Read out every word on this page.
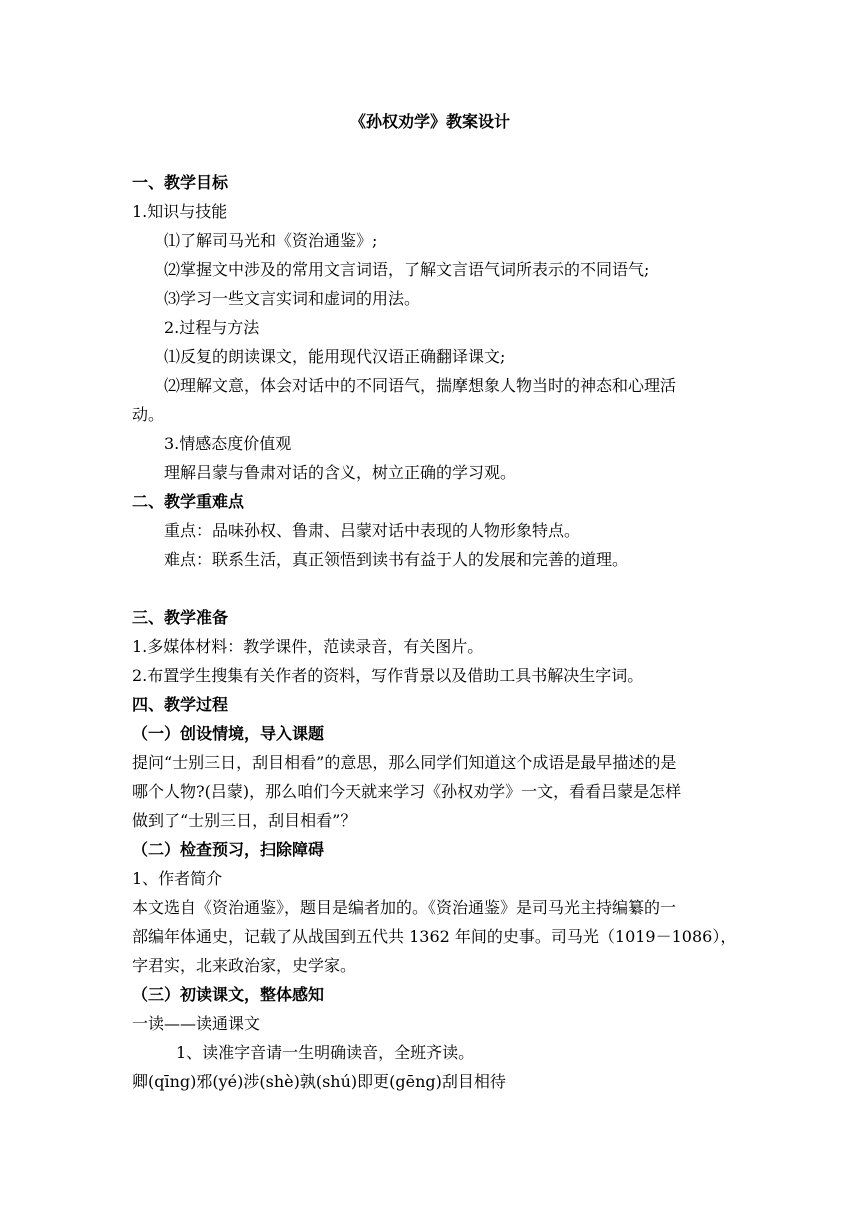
《孙权劝学》教案设计
一、教学目标
1.知识与技能
⑴了解司马光和《资治通鉴》;
⑵掌握文中涉及的常用文言词语，了解文言语气词所表示的不同语气;
⑶学习一些文言实词和虚词的用法。
2.过程与方法
⑴反复的朗读课文，能用现代汉语正确翻译课文;
⑵理解文意，体会对话中的不同语气，揣摩想象人物当时的神态和心理活
动。
3.情感态度价值观
理解吕蒙与鲁肃对话的含义，树立正确的学习观。
二、教学重难点
重点：品味孙权、鲁肃、吕蒙对话中表现的人物形象特点。
难点：联系生活，真正领悟到读书有益于人的发展和完善的道理。
三、教学准备
1.多媒体材料：教学课件，范读录音，有关图片。
2.布置学生搜集有关作者的资料，写作背景以及借助工具书解决生字词。
四、教学过程
（一）创设情境，导入课题
提问“士别三日，刮目相看”的意思，那么同学们知道这个成语是最早描述的是
哪个人物?(吕蒙)，那么咱们今天就来学习《孙权劝学》一文，看看吕蒙是怎样
做到了“士别三日，刮目相看”？
（二）检查预习，扫除障碍
1、作者简介
本文选自《资治通鉴》，题目是编者加的。《资治通鉴》是司马光主持编纂的一
部编年体通史，记载了从战国到五代共 1362 年间的史事。司马光（1019－1086），
字君实，北来政治家，史学家。
（三）初读课文，整体感知
一读——读通课文
1、读准字音请一生明确读音，全班齐读。
卿(qīng)邪(yé)涉(shè)孰(shú)即更(gēng)刮目相待
